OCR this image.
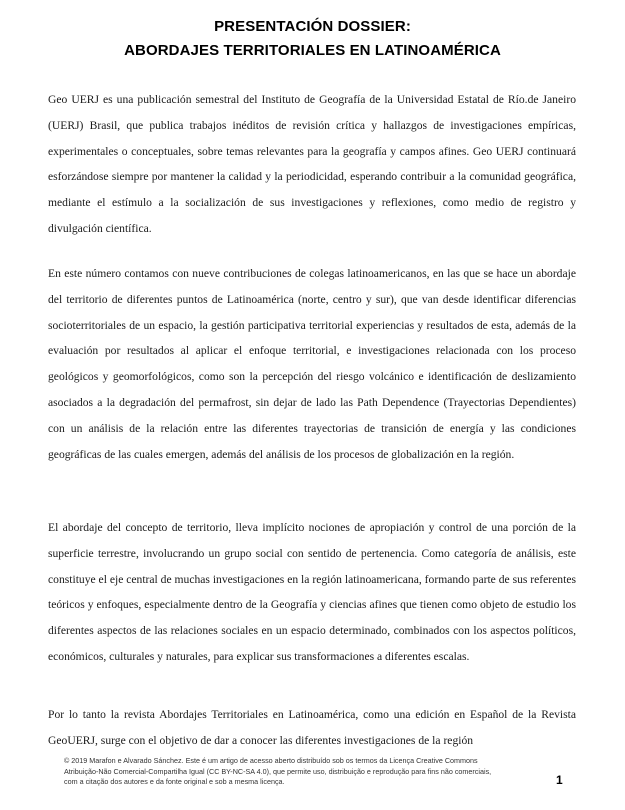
PRESENTACIÓN DOSSIER:
ABORDAJES TERRITORIALES EN LATINOAMÉRICA

Geo UERJ es una publicación semestral del Instituto de Geografía de la Universidad Estatal de Río.de Janeiro (UERJ) Brasil, que publica trabajos inéditos de revisión crítica y hallazgos de investigaciones empíricas, experimentales o conceptuales, sobre temas relevantes para la geografía y campos afines. Geo UERJ continuará esforzándose siempre por mantener la calidad y la periodicidad, esperando contribuir a la comunidad geográfica, mediante el estímulo a la socialización de sus investigaciones y reflexiones, como medio de registro y divulgación científica.

En este número contamos con nueve contribuciones de colegas latinoamericanos, en las que se hace un abordaje del territorio de diferentes puntos de Latinoamérica (norte, centro y sur), que van desde identificar diferencias socioterritoriales de un espacio, la gestión participativa territorial experiencias y resultados de esta, además de la evaluación por resultados al aplicar el enfoque territorial, e investigaciones relacionada con los proceso geológicos y geomorfológicos, como son la percepción del riesgo volcánico e identificación de deslizamiento asociados a la degradación del permafrost, sin dejar de lado las Path Dependence (Trayectorias Dependientes) con un análisis de la relación entre las diferentes trayectorias de transición de energía y las condiciones geográficas de las cuales emergen, además del análisis de los procesos de globalización en la región.

El abordaje del concepto de territorio, lleva implícito nociones de apropiación y control de una porción de la superficie terrestre, involucrando un grupo social con sentido de pertenencia. Como categoría de análisis, este constituye el eje central de muchas investigaciones en la región latinoamericana, formando parte de sus referentes teóricos y enfoques, especialmente dentro de la Geografía y ciencias afines que tienen como objeto de estudio los diferentes aspectos de las relaciones sociales en un espacio determinado, combinados con los aspectos políticos, económicos, culturales y naturales, para explicar sus transformaciones a diferentes escalas.

Por lo tanto la revista Abordajes Territoriales en Latinoamérica, como una edición en Español de la Revista GeoUERJ, surge con el objetivo de dar a conocer las diferentes investigaciones de la región

© 2019 Marafon e Alvarado Sánchez. Este é um artigo de acesso aberto distribuído sob os termos da Licença Creative Commons
Atribuição-Não Comercial-Compartilha Igual (CC BY-NC-SA 4.0), que permite uso, distribuição e reprodução para fins não comerciais,
com a citação dos autores e da fonte original e sob a mesma licença.	1
